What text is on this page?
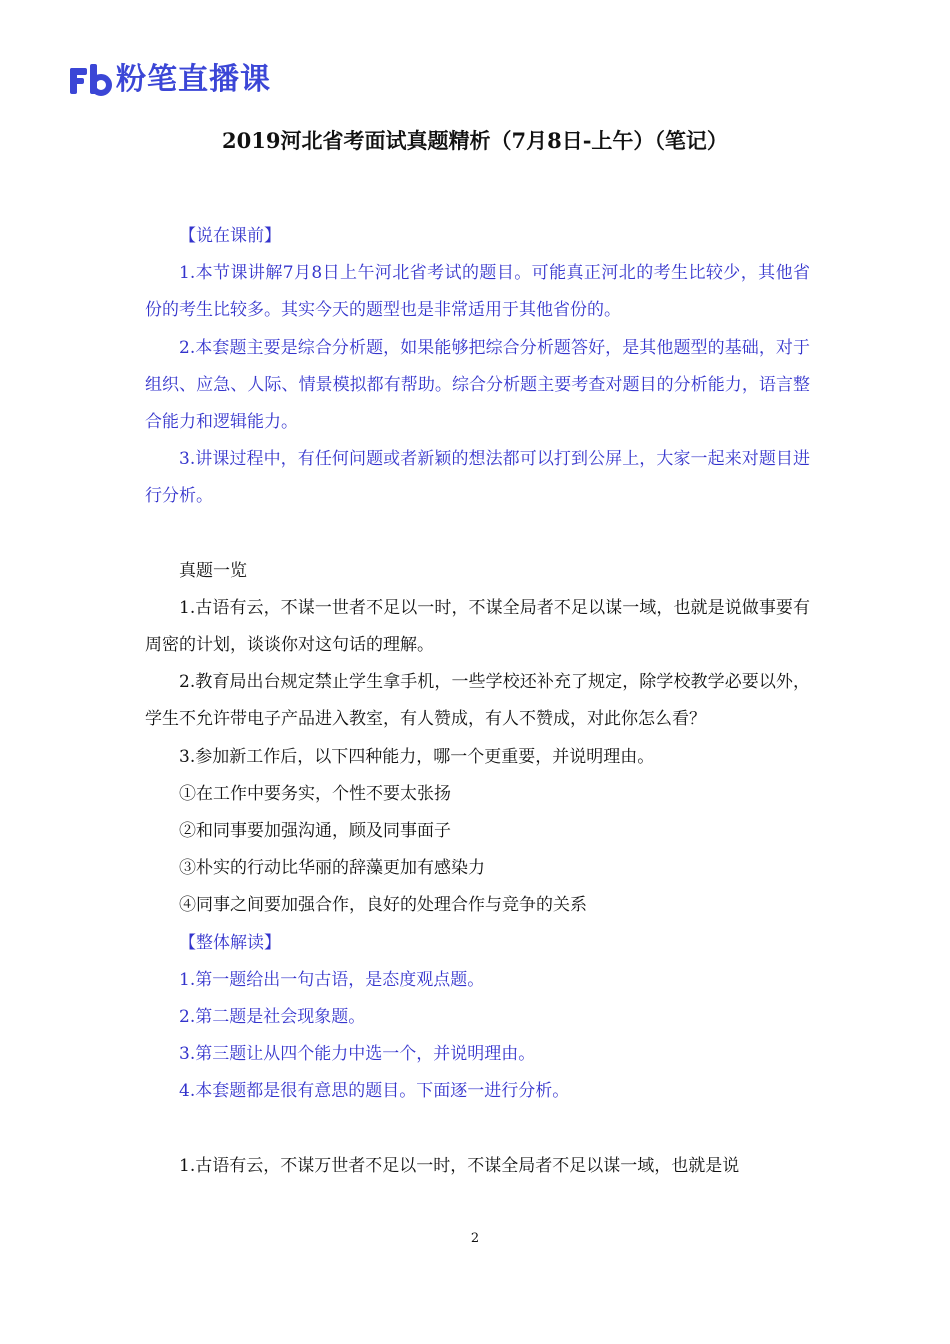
粉笔直播课
2019河北省考面试真题精析（7月8日-上午）（笔记）

【说在课前】

1.本节课讲解7月8日上午河北省考试的题目。可能真正河北的考生比较少，其他省份的考生比较多。其实今天的题型也是非常适用于其他省份的。

2.本套题主要是综合分析题，如果能够把综合分析题答好，是其他题型的基础，对于组织、应急、人际、情景模拟都有帮助。综合分析题主要考查对题目的分析能力，语言整合能力和逻辑能力。

3.讲课过程中，有任何问题或者新颖的想法都可以打到公屏上，大家一起来对题目进行分析。

真题一览

1.古语有云，不谋一世者不足以一时，不谋全局者不足以谋一域，也就是说做事要有周密的计划，谈谈你对这句话的理解。

2.教育局出台规定禁止学生拿手机，一些学校还补充了规定，除学校教学必要以外，学生不允许带电子产品进入教室，有人赞成，有人不赞成，对此你怎么看？

3.参加新工作后，以下四种能力，哪一个更重要，并说明理由。

①在工作中要务实，个性不要太张扬

②和同事要加强沟通，顾及同事面子

③朴实的行动比华丽的辞藻更加有感染力

④同事之间要加强合作，良好的处理合作与竞争的关系

【整体解读】

1.第一题给出一句古语，是态度观点题。

2.第二题是社会现象题。

3.第三题让从四个能力中选一个，并说明理由。

4.本套题都是很有意思的题目。下面逐一进行分析。

1.古语有云，不谋万世者不足以一时，不谋全局者不足以谋一域，也就是说

2
